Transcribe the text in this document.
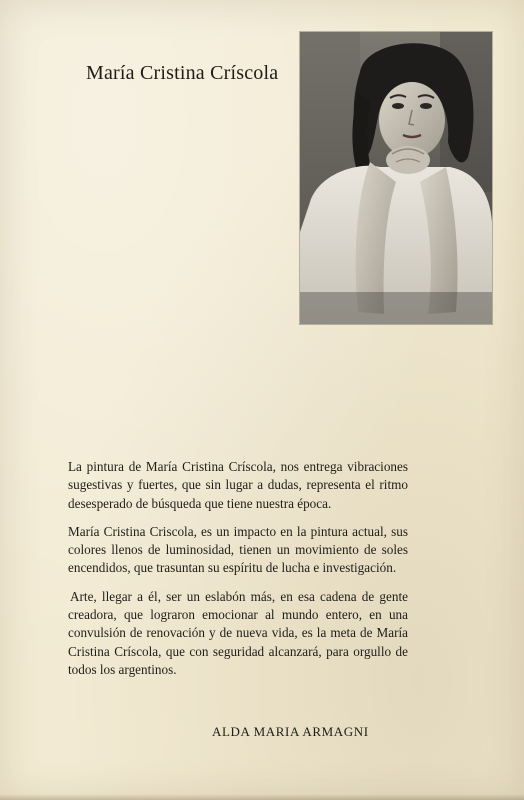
María Cristina Críscola

La pintura de María Cristina Críscola, nos entrega vibraciones sugestivas y fuertes, que sin lugar a dudas, representa el ritmo desesperado de búsqueda que tiene nuestra época.

María Cristina Criscola, es un impacto en la pintura actual, sus colores llenos de luminosidad, tienen un movimiento de soles encendidos, que trasuntan su espíritu de lucha e investigación.

Arte, llegar a él, ser un eslabón más, en esa cadena de gente creadora, que lograron emocionar al mundo entero, en una convulsión de renovación y de nueva vida, es la meta de María Cristina Críscola, que con seguridad alcanzará, para orgullo de todos los argentinos.

ALDA MARIA ARMAGNI
